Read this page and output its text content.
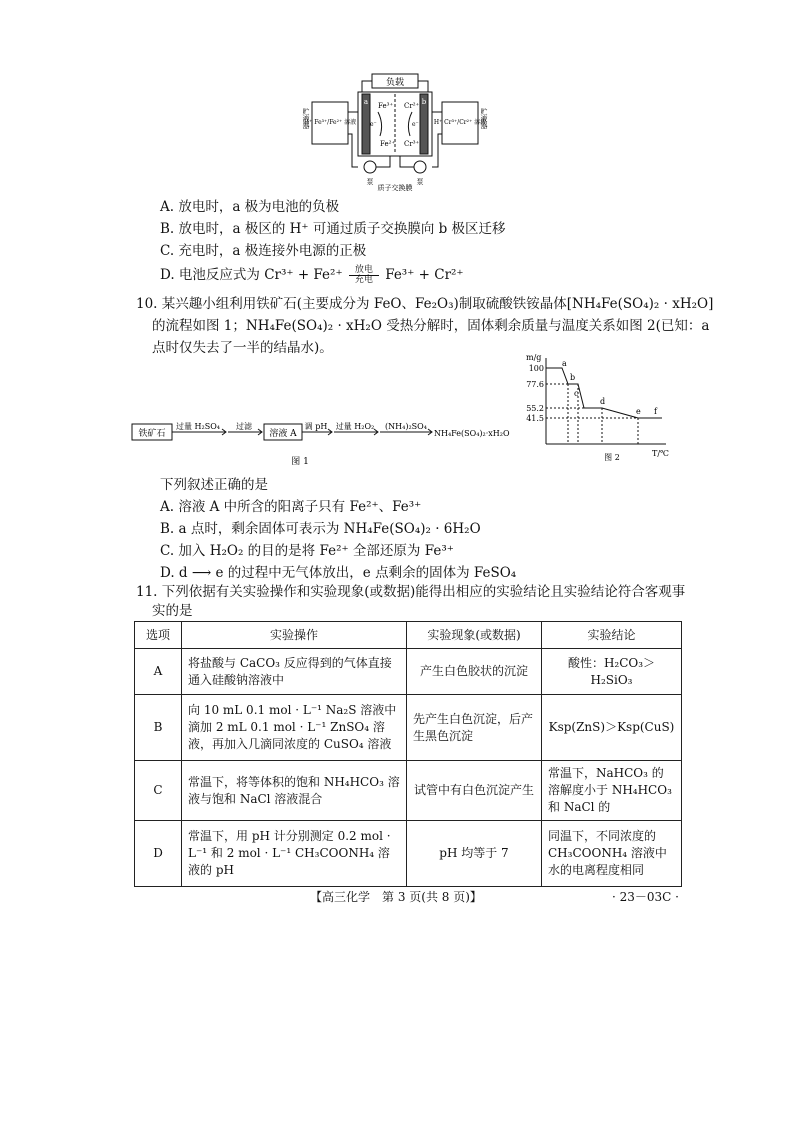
负载
a	b
Fe³⁺
Fe²⁺
Cr²⁺
Cr³⁺
e⁻	e⁻
H⁺ Fe³⁺/Fe²⁺ 溶液	H⁺ Cr³⁺/Cr²⁺ 溶液
贮液器	贮液器
质子交换膜
泵	泵
A. 放电时，a 极为电池的负极
B. 放电时，a 极区的 H⁺ 可通过质子交换膜向 b 极区迁移
C. 充电时，a 极连接外电源的正极
D. 电池反应式为 Cr³⁺ + Fe²⁺ 放电

充电 Fe³⁺ + Cr²⁺
10. 某兴趣小组利用铁矿石(主要成分为 FeO、Fe₂O₃)制取硫酸铁铵晶体[NH₄Fe(SO₄)₂ · xH₂O]
的流程如图 1；NH₄Fe(SO₄)₂ · xH₂O 受热分解时，固体剩余质量与温度关系如图 2(已知：a
点时仅失去了一半的结晶水)。
铁矿石
过量 H₂SO₄ 过滤
溶液 A
调 pH 过量 H₂O₂ (NH₄)₂SO₄
NH₄Fe(SO₄)₂·xH₂O
图 1
m/g
100
77.6
55.2
41.5
a
b
c
d
e f
图 2	T/℃
下列叙述正确的是
A. 溶液 A 中所含的阳离子只有 Fe²⁺、Fe³⁺
B. a 点时，剩余固体可表示为 NH₄Fe(SO₄)₂ · 6H₂O
C. 加入 H₂O₂ 的目的是将 Fe²⁺ 全部还原为 Fe³⁺
D. d ⟶ e 的过程中无气体放出，e 点剩余的固体为 FeSO₄
11. 下列依据有关实验操作和实验现象(或数据)能得出相应的实验结论且实验结论符合客观事
实的是
选项	实验操作	实验现象(或数据)	实验结论
A	将盐酸与 CaCO₃ 反应得到的气体直接通入硅酸钠溶液中	产生白色胶状的沉淀	酸性：H₂CO₃＞H₂SiO₃
B	向 10 mL 0.1 mol · L⁻¹ Na₂S 溶液中滴加 2 mL 0.1 mol · L⁻¹ ZnSO₄ 溶液，再加入几滴同浓度的 CuSO₄ 溶液	先产生白色沉淀，后产生黑色沉淀	Ksp(ZnS)＞Ksp(CuS)
C	常温下，将等体积的饱和 NH₄HCO₃ 溶液与饱和 NaCl 溶液混合	试管中有白色沉淀产生	常温下，NaHCO₃ 的溶解度小于 NH₄HCO₃ 和 NaCl 的
D	常温下，用 pH 计分别测定 0.2 mol · L⁻¹ 和 2 mol · L⁻¹ CH₃COONH₄ 溶液的 pH	pH 均等于 7	同温下，不同浓度的 CH₃COONH₄ 溶液中水的电离程度相同
【高三化学　第 3 页(共 8 页)】	· 23－03C ·
